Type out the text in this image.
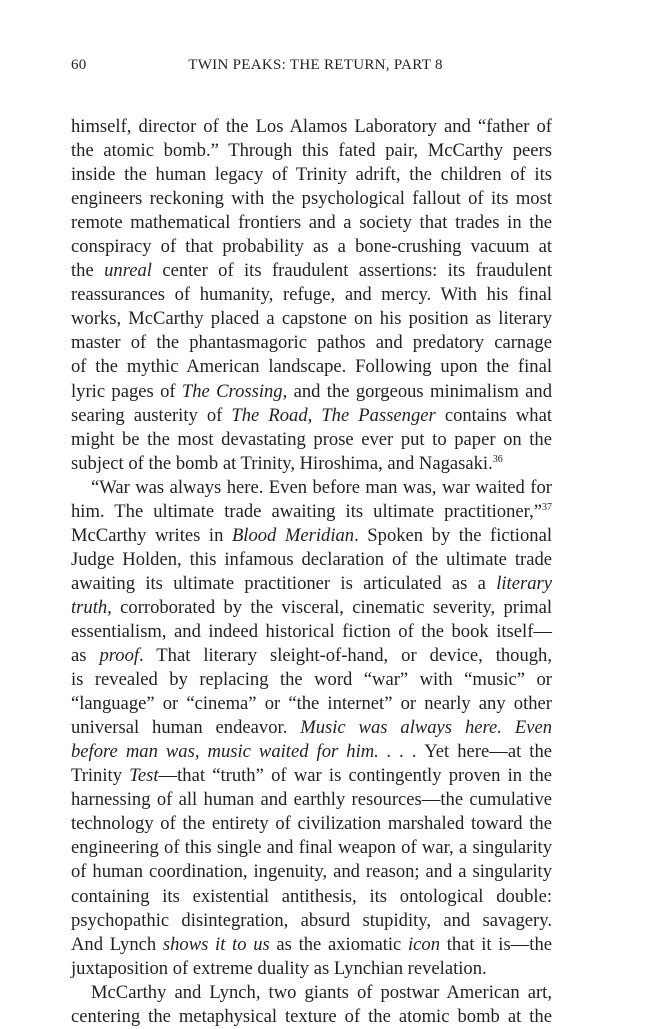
60	TWIN PEAKS: THE RETURN, PART 8
himself, director of the Los Alamos Laboratory and “father of
the atomic bomb.” Through this fated pair, McCarthy peers
inside the human legacy of Trinity adrift, the children of its
engineers reckoning with the psychological fallout of its most
remote mathematical frontiers and a society that trades in the
conspiracy of that probability as a bone-crushing vacuum at
the unreal center of its fraudulent assertions: its fraudulent
reassurances of humanity, refuge, and mercy. With his final
works, McCarthy placed a capstone on his position as literary
master of the phantasmagoric pathos and predatory carnage
of the mythic American landscape. Following upon the final
lyric pages of The Crossing, and the gorgeous minimalism and
searing austerity of The Road, The Passenger contains what
might be the most devastating prose ever put to paper on the
subject of the bomb at Trinity, Hiroshima, and Nagasaki.$^{36}$
“War was always here. Even before man was, war waited for
him. The ultimate trade awaiting its ultimate practitioner,”$^{37}$
McCarthy writes in Blood Meridian. Spoken by the fictional
Judge Holden, this infamous declaration of the ultimate trade
awaiting its ultimate practitioner is articulated as a literary
truth, corroborated by the visceral, cinematic severity, primal
essentialism, and indeed historical fiction of the book itself—
as proof. That literary sleight-of-hand, or device, though,
is revealed by replacing the word “war” with “music” or
“language” or “cinema” or “the internet” or nearly any other
universal human endeavor. Music was always here. Even
before man was, music waited for him. . . . Yet here—at the
Trinity Test—that “truth” of war is contingently proven in the
harnessing of all human and earthly resources—the cumulative
technology of the entirety of civilization marshaled toward the
engineering of this single and final weapon of war, a singularity
of human coordination, ingenuity, and reason; and a singularity
containing its existential antithesis, its ontological double:
psychopathic disintegration, absurd stupidity, and savagery.
And Lynch shows it to us as the axiomatic icon that it is—the
juxtaposition of extreme duality as Lynchian revelation.
McCarthy and Lynch, two giants of postwar American art,
centering the metaphysical texture of the atomic bomb at the
